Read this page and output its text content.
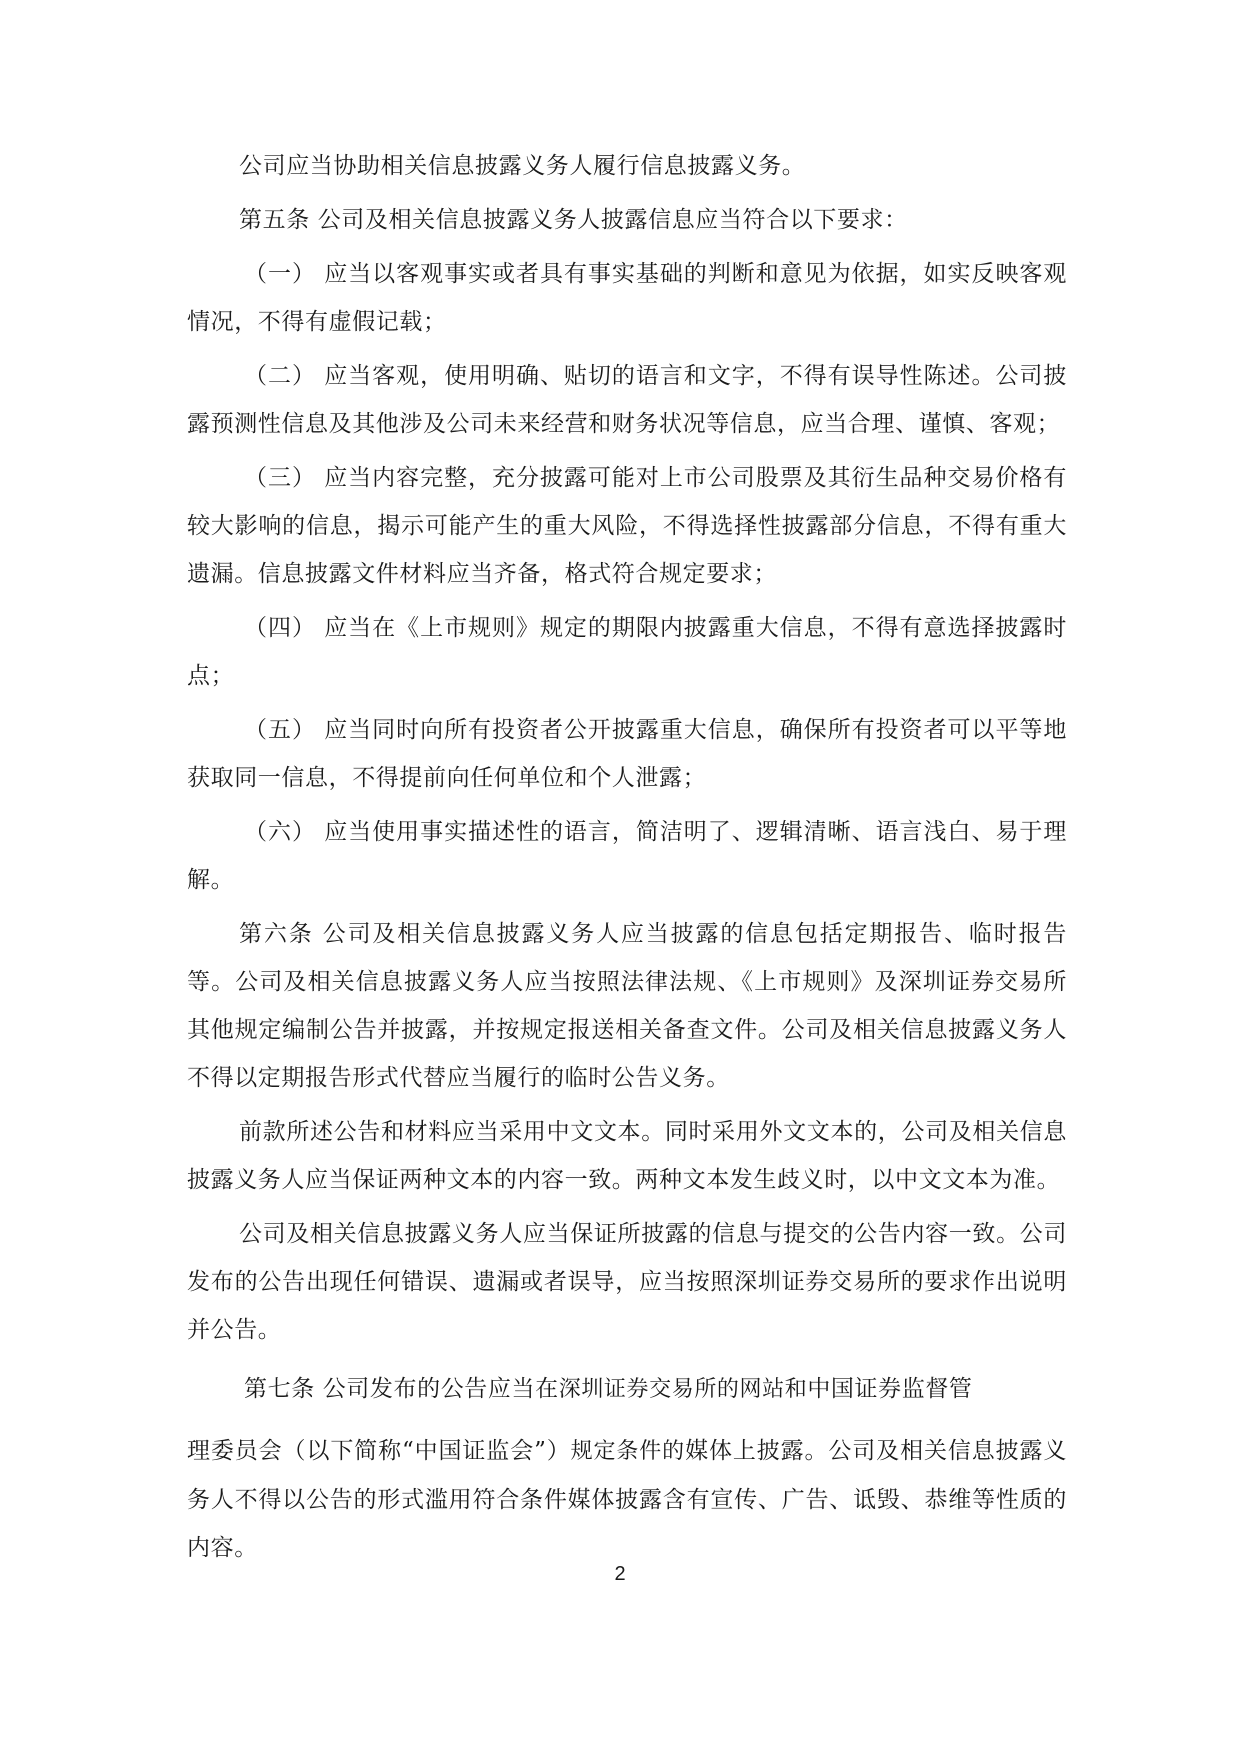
公司应当协助相关信息披露义务人履行信息披露义务。

第五条 公司及相关信息披露义务人披露信息应当符合以下要求：

（一） 应当以客观事实或者具有事实基础的判断和意见为依据，如实反映客观情况，不得有虚假记载；

（二） 应当客观，使用明确、贴切的语言和文字，不得有误导性陈述。公司披露预测性信息及其他涉及公司未来经营和财务状况等信息，应当合理、谨慎、客观；

（三） 应当内容完整，充分披露可能对上市公司股票及其衍生品种交易价格有较大影响的信息，揭示可能产生的重大风险，不得选择性披露部分信息，不得有重大遗漏。信息披露文件材料应当齐备，格式符合规定要求；

（四） 应当在《上市规则》规定的期限内披露重大信息，不得有意选择披露时点；

（五） 应当同时向所有投资者公开披露重大信息，确保所有投资者可以平等地获取同一信息，不得提前向任何单位和个人泄露；

（六） 应当使用事实描述性的语言，简洁明了、逻辑清晰、语言浅白、易于理解。

第六条 公司及相关信息披露义务人应当披露的信息包括定期报告、临时报告等。公司及相关信息披露义务人应当按照法律法规、《上市规则》及深圳证券交易所其他规定编制公告并披露，并按规定报送相关备查文件。公司及相关信息披露义务人不得以定期报告形式代替应当履行的临时公告义务。

前款所述公告和材料应当采用中文文本。同时采用外文文本的，公司及相关信息披露义务人应当保证两种文本的内容一致。两种文本发生歧义时，以中文文本为准。

公司及相关信息披露义务人应当保证所披露的信息与提交的公告内容一致。公司发布的公告出现任何错误、遗漏或者误导，应当按照深圳证券交易所的要求作出说明并公告。

第七条 公司发布的公告应当在深圳证券交易所的网站和中国证券监督管

理委员会（以下简称“中国证监会”）规定条件的媒体上披露。公司及相关信息披露义务人不得以公告的形式滥用符合条件媒体披露含有宣传、广告、诋毁、恭维等性质的内容。

2
